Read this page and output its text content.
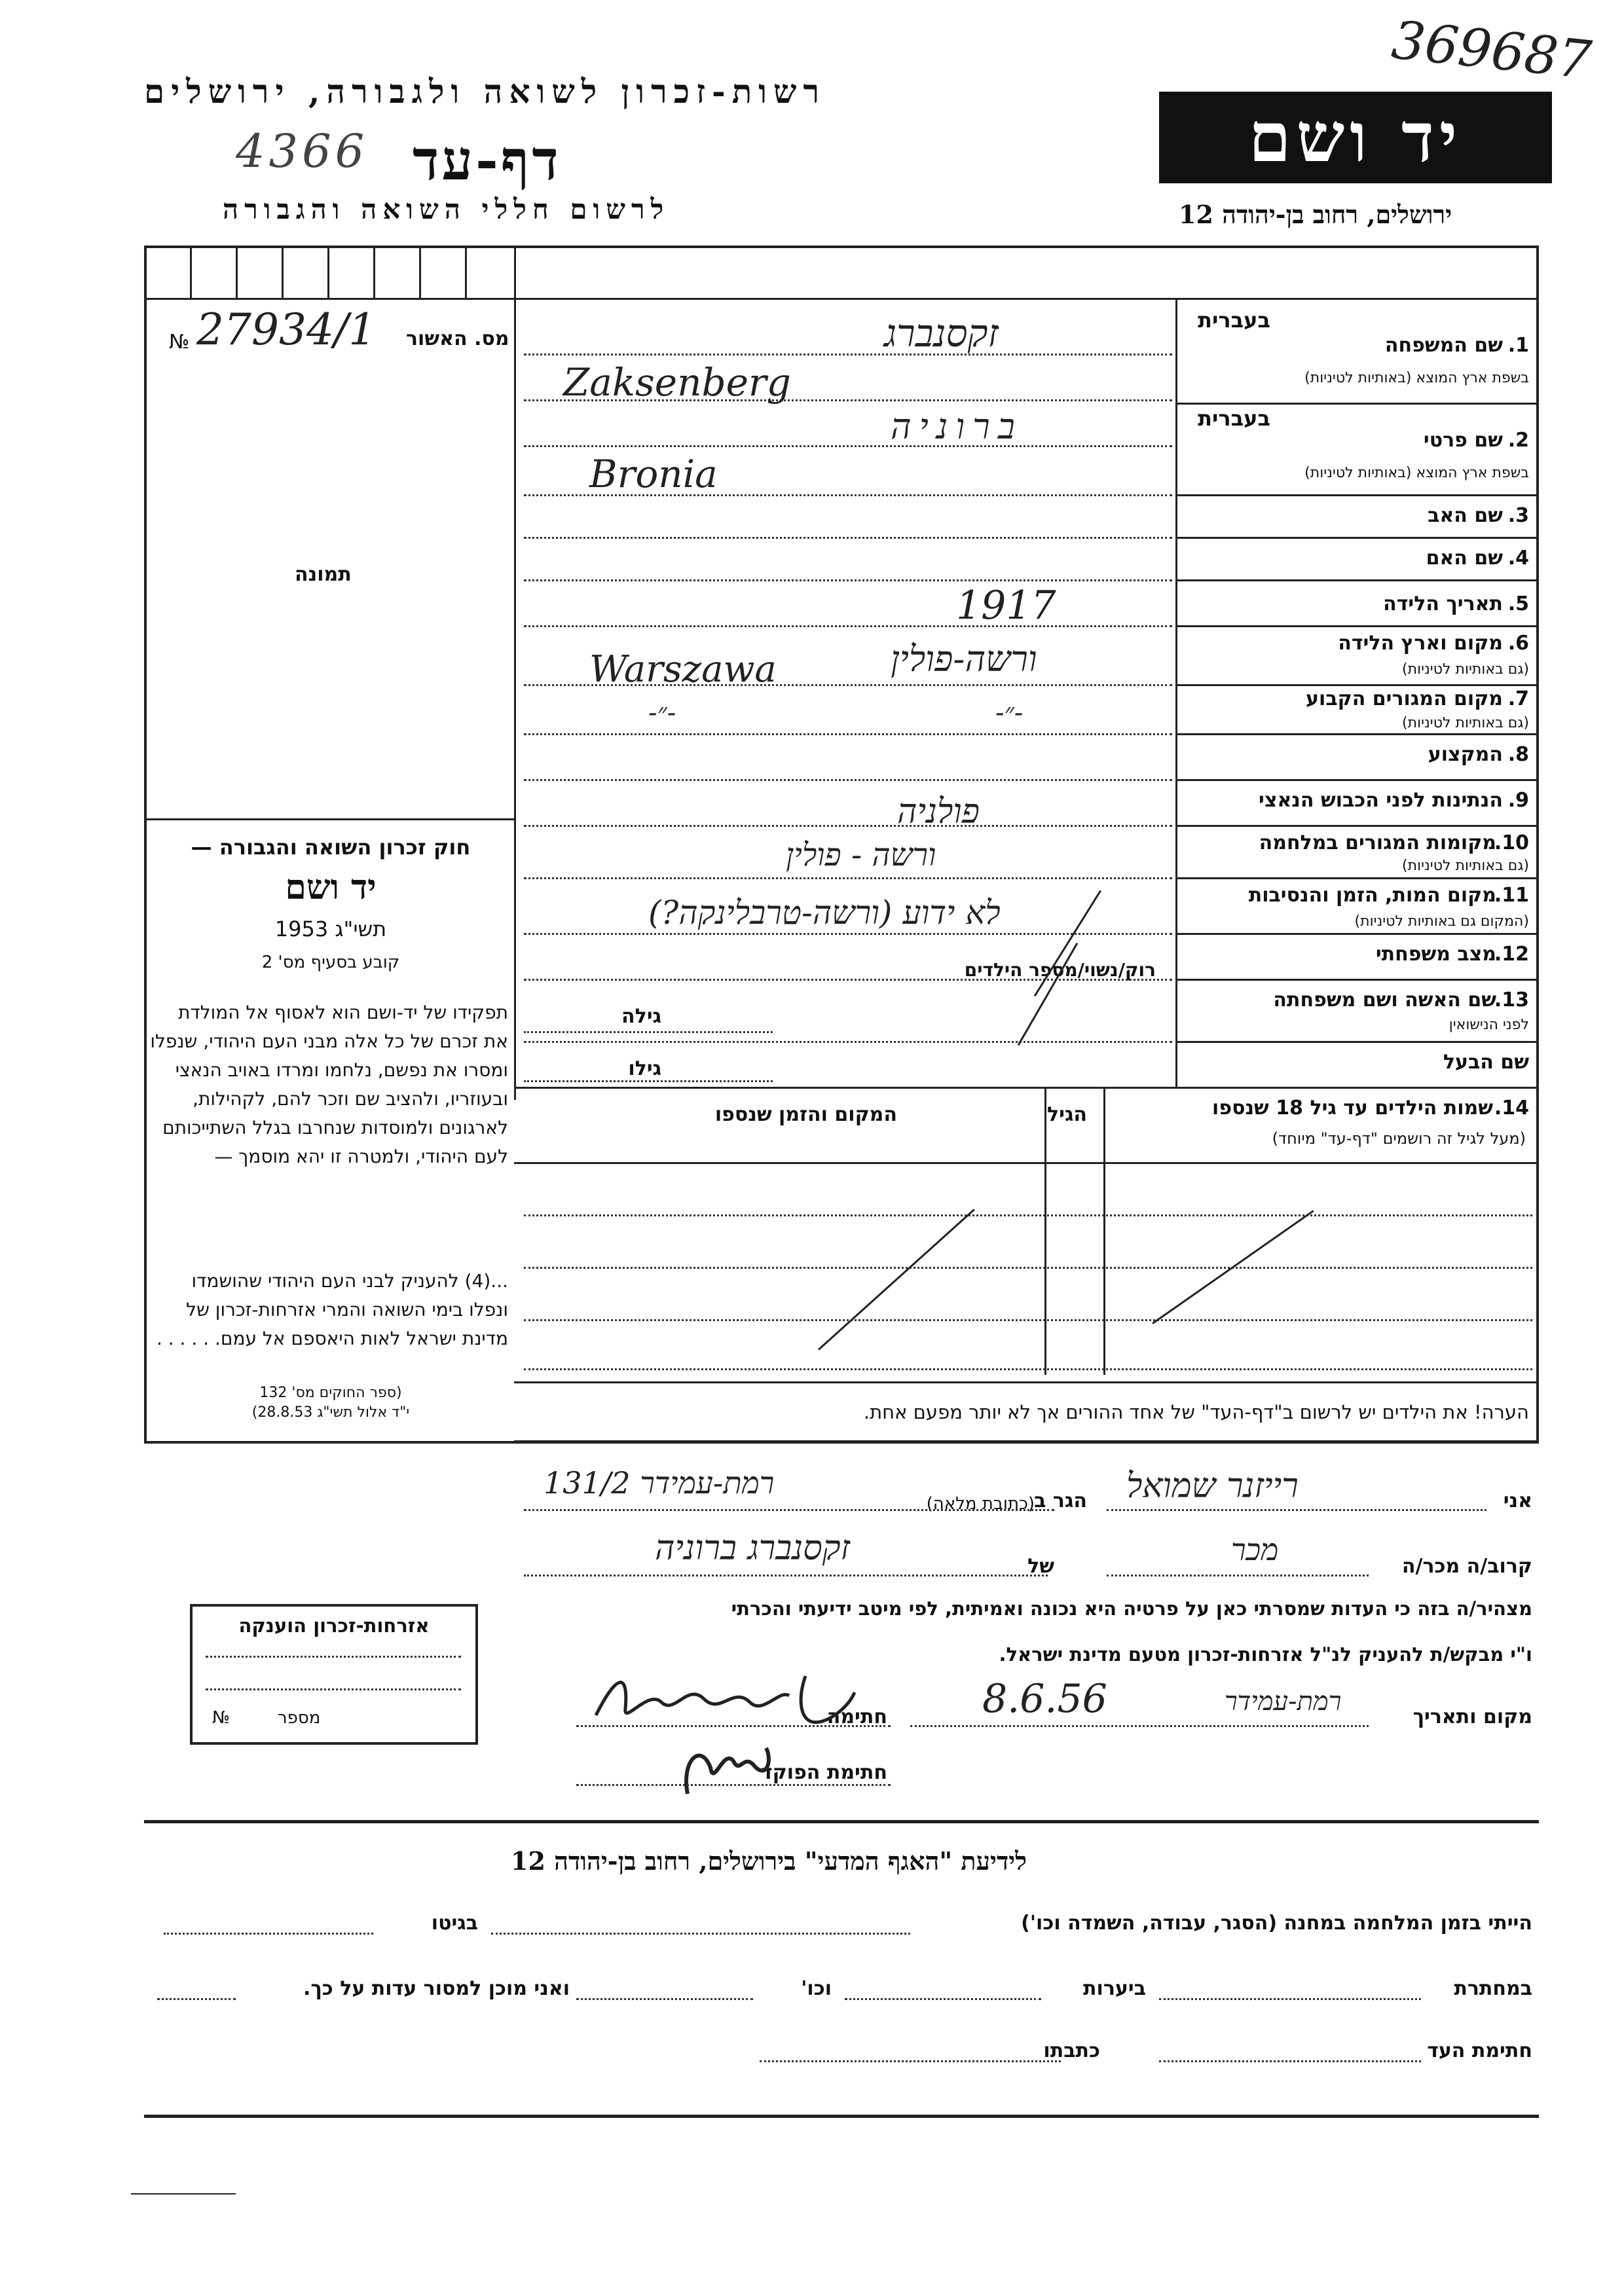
369687
רשות-זכרון לשואה ולגבורה, ירושלים
דף-עד
4366
לרשום חללי השואה והגבורה
יד ושם
ירושלים, רחוב בן-יהודה 12
מס. האשור
№ 27934/1
תמונה
חוק זכרון השואה והגבורה —
יד ושם
תשי"ג 1953
קובע בסעיף מס' 2
תפקידו של יד-ושם הוא לאסוף אל המולדת את זכרם של כל אלה מבני העם היהודי, שנפלו ומסרו את נפשם, נלחמו ומרדו באויב הנאצי ובעוזריו, ולהציב שם וזכר להם, לקהילות, לארגונים ולמוסדות שנחרבו בגלל השתייכותם לעם היהודי, ולמטרה זו יהא מוסמך —
...(4) להעניק לבני העם היהודי שהושמדו ונפלו בימי השואה והמרי אזרחות-זכרון של מדינת ישראל לאות היאספם אל עמם. . . . . .
(ספר החוקים מס' 132
י"ד אלול תשי"ג 28.8.53)
בעברית
1.
שם המשפחה
בשפת ארץ המוצא (באותיות לטיניות)
בעברית
2.
שם פרטי
בשפת ארץ המוצא (באותיות לטיניות)
3.
שם האב
4.
שם האם
5.
תאריך הלידה
6.
מקום וארץ הלידה
(גם באותיות לטיניות)
7.
מקום המגורים הקבוע
(גם באותיות לטיניות)
8.
המקצוע
9.
הנתינות לפני הכבוש הנאצי
10.
מקומות המגורים במלחמה
(גם באותיות לטיניות)
11.
מקום המות, הזמן והנסיבות
(המקום גם באותיות לטיניות)
12.
מצב משפחתי
רוק/נשוי/מספר הילדים
13.
שם האשה ושם משפחתה
לפני הנישואין
גילה
שם הבעל
גילו
זקסנברג
Zaksenberg
ברוניה
Bronia
1917
ורשה-פולין
Warszawa
-״-
-״-
פולניה
ורשה - פולין
לא ידוע (ורשה-טרבלינקה?)
14.
שמות הילדים עד גיל 18 שנספו
(מעל לגיל זה רושמים "דף-עד" מיוחד)
הגיל
המקום והזמן שנספו
הערה! את הילדים יש לרשום ב"דף-העד" של אחד ההורים אך לא יותר מפעם אחת.
אני
רייזנר שמואל
הגר ב
(כתובת מלאה)
רמת-עמידר 131/2
קרוב/ה מכר/ה
מכר
של
זקסנברג ברוניה
מצהיר/ה בזה כי העדות שמסרתי כאן על פרטיה היא נכונה ואמיתית, לפי מיטב ידיעתי והכרתי
ו"י מבקש/ת להעניק לנ"ל אזרחות-זכרון מטעם מדינת ישראל.
מקום ותאריך
רמת-עמידר
8.6.56
חתימה
חתימת הפוקד
אזרחות-זכרון הוענקה
מספר
№
לידיעת "האגף המדעי" בירושלים, רחוב בן-יהודה 12
הייתי בזמן המלחמה במחנה (הסגר, עבודה, השמדה וכו')
בגיטו
במחתרת
ביערות
וכו'
ואני מוכן למסור עדות על כך.
חתימת העד
כתבתו
